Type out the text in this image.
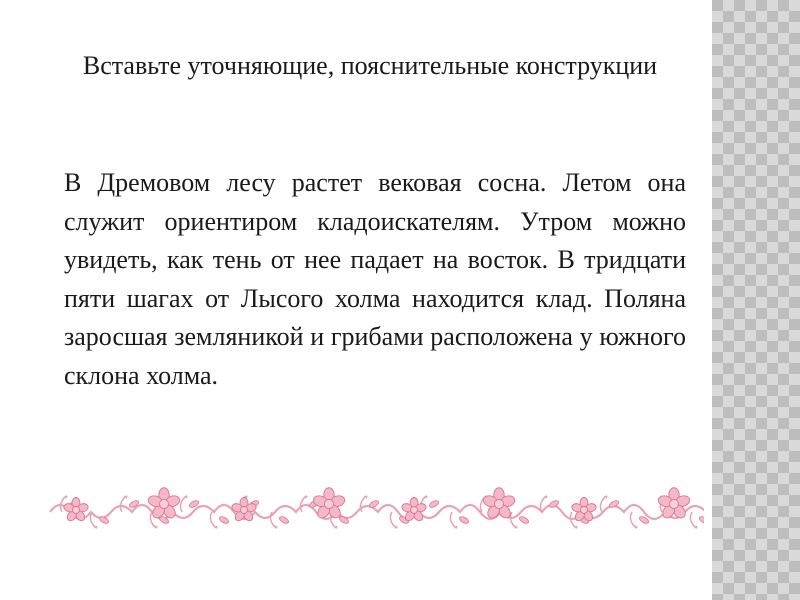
Вставьте уточняющие, пояснительные конструкции
В Дремовом лесу растет вековая сосна. Летом она служит ориентиром кладоискателям. Утром можно увидеть, как тень от нее падает на восток. В тридцати пяти шагах от Лысого холма находится клад. Поляна заросшая земляникой и грибами расположена у южного склона холма.
